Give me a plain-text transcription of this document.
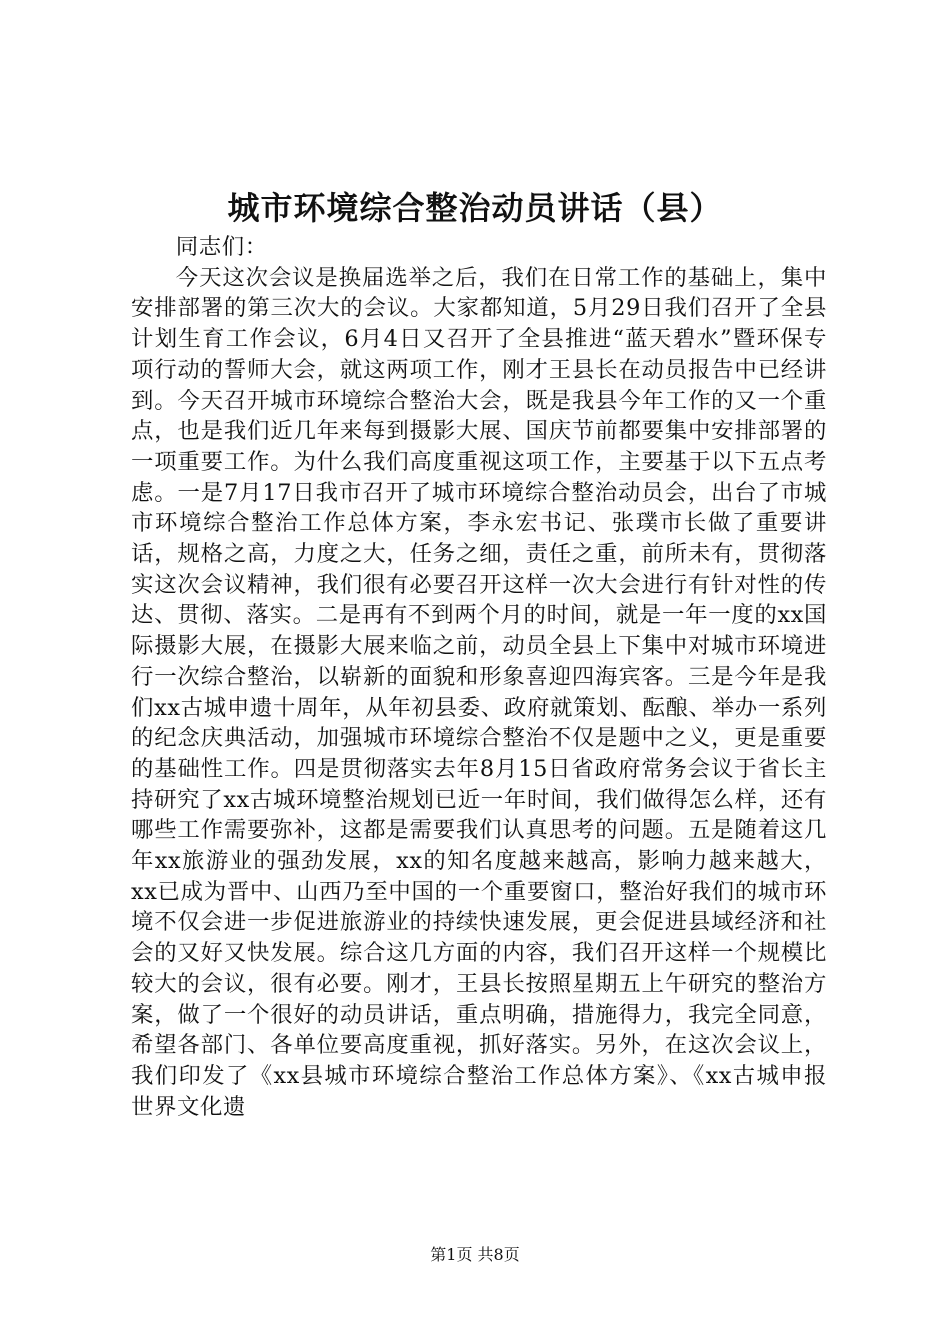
城市环境综合整治动员讲话（县）

同志们：

今天这次会议是换届选举之后，我们在日常工作的基础上，集中安排部署的第三次大的会议。大家都知道，5月29日我们召开了全县计划生育工作会议，6月4日又召开了全县推进“蓝天碧水”暨环保专项行动的誓师大会，就这两项工作，刚才王县长在动员报告中已经讲到。今天召开城市环境综合整治大会，既是我县今年工作的又一个重点，也是我们近几年来每到摄影大展、国庆节前都要集中安排部署的一项重要工作。为什么我们高度重视这项工作，主要基于以下五点考虑。一是7月17日我市召开了城市环境综合整治动员会，出台了市城市环境综合整治工作总体方案，李永宏书记、张璞市长做了重要讲话，规格之高，力度之大，任务之细，责任之重，前所未有，贯彻落实这次会议精神，我们很有必要召开这样一次大会进行有针对性的传达、贯彻、落实。二是再有不到两个月的时间，就是一年一度的xx国际摄影大展，在摄影大展来临之前，动员全县上下集中对城市环境进行一次综合整治，以崭新的面貌和形象喜迎四海宾客。三是今年是我们xx古城申遗十周年，从年初县委、政府就策划、酝酿、举办一系列的纪念庆典活动，加强城市环境综合整治不仅是题中之义，更是重要的基础性工作。四是贯彻落实去年8月15日省政府常务会议于省长主持研究了xx古城环境整治规划已近一年时间，我们做得怎么样，还有哪些工作需要弥补，这都是需要我们认真思考的问题。五是随着这几年xx旅游业的强劲发展，xx的知名度越来越高，影响力越来越大，xx已成为晋中、山西乃至中国的一个重要窗口，整治好我们的城市环境不仅会进一步促进旅游业的持续快速发展，更会促进县域经济和社会的又好又快发展。综合这几方面的内容，我们召开这样一个规模比较大的会议，很有必要。刚才，王县长按照星期五上午研究的整治方案，做了一个很好的动员讲话，重点明确，措施得力，我完全同意，希望各部门、各单位要高度重视，抓好落实。另外，在这次会议上，我们印发了《xx县城市环境综合整治工作总体方案》、《xx古城申报世界文化遗

第1页 共8页
